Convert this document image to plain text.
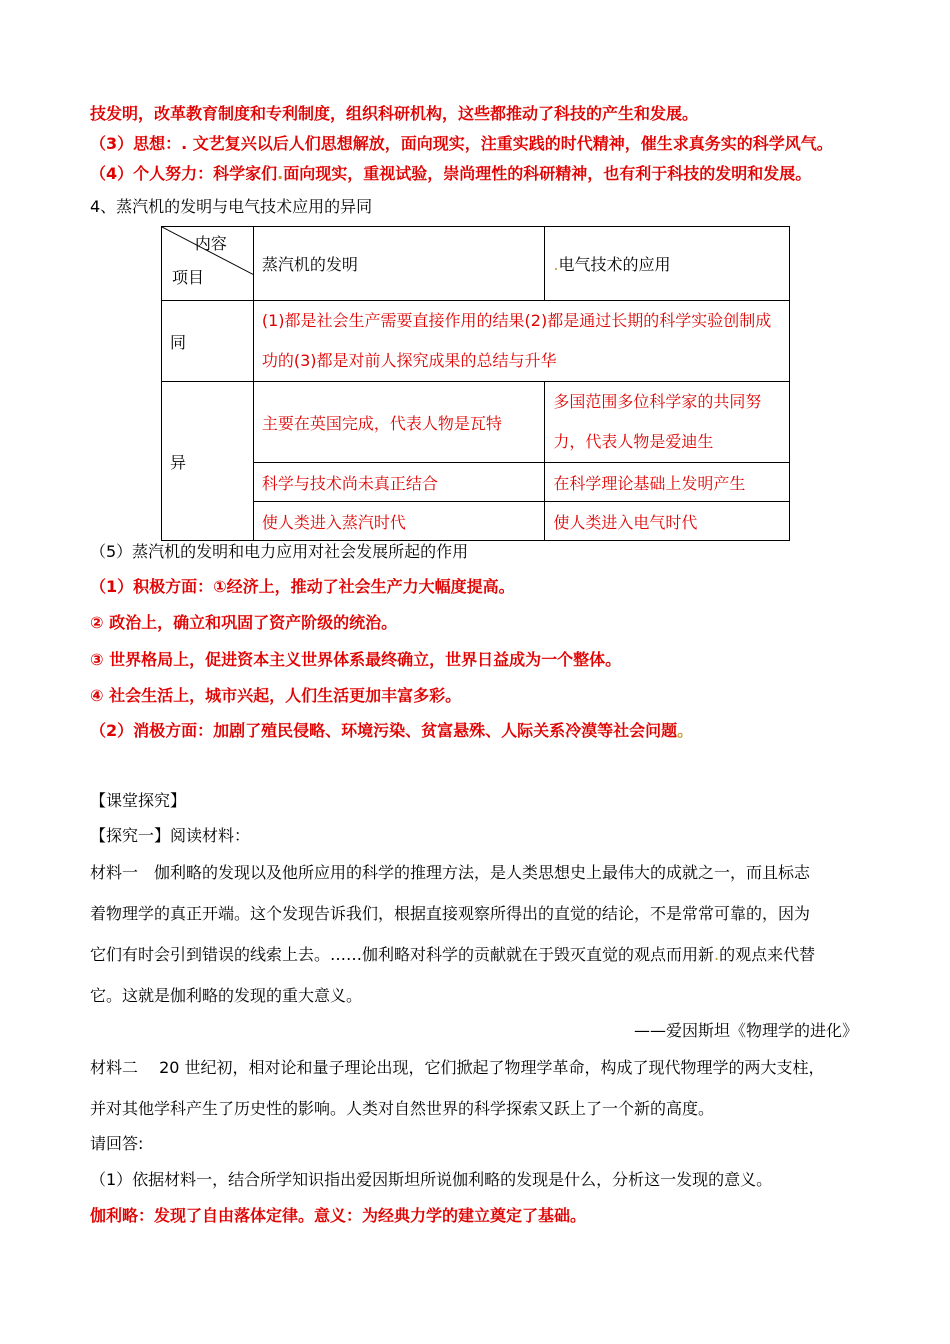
技发明，改革教育制度和专利制度，组织科研机构，这些都推动了科技的产生和发展。
（3）思想：. 文艺复兴以后人们思想解放，面向现实，注重实践的时代精神，催生求真务实的科学风气。
（4）个人努力：科学家们.面向现实，重视试验，崇尚理性的科研精神，也有利于科技的发明和发展。
4、蒸汽机的发明与电气技术应用的异同
内容
项目	蒸汽机的发明	.电气技术的应用
同	(1)都是社会生产需要直接作用的结果(2)都是通过长期的科学实验创制成功的(3)都是对前人探究成果的总结与升华	
异	主要在英国完成，代表人物是瓦特	多国范围多位科学家的共同努力，代表人物是爱迪生
	科学与技术尚未真正结合	在科学理论基础上发明产生
	使人类进入蒸汽时代	使人类进入电气时代
（5）蒸汽机的发明和电力应用对社会发展所起的作用
（1）积极方面：①经济上，推动了社会生产力大幅度提高。
② 政治上，确立和巩固了资产阶级的统治。
③ 世界格局上，促进资本主义世界体系最终确立，世界日益成为一个整体。
④ 社会生活上，城市兴起，人们生活更加丰富多彩。
（2）消极方面：加剧了殖民侵略、环境污染、贫富悬殊、人际关系冷漠等社会问题。
【课堂探究】
【探究一】阅读材料：
材料一　伽利略的发现以及他所应用的科学的推理方法，是人类思想史上最伟大的成就之一，而且标志
着物理学的真正开端。这个发现告诉我们，根据直接观察所得出的直觉的结论，不是常常可靠的，因为
它们有时会引到错误的线索上去。……伽利略对科学的贡献就在于毁灭直觉的观点而用新.的观点来代替
它。这就是伽利略的发现的重大意义。
——爱因斯坦《物理学的进化》
材料二　 20 世纪初，相对论和量子理论出现，它们掀起了物理学革命，构成了现代物理学的两大支柱，
并对其他学科产生了历史性的影响。人类对自然世界的科学探索又跃上了一个新的高度。
请回答:
（1）依据材料一，结合所学知识指出爱因斯坦所说伽利略的发现是什么，分析这一发现的意义。
伽利略：发现了自由落体定律。意义：为经典力学的建立奠定了基础。
